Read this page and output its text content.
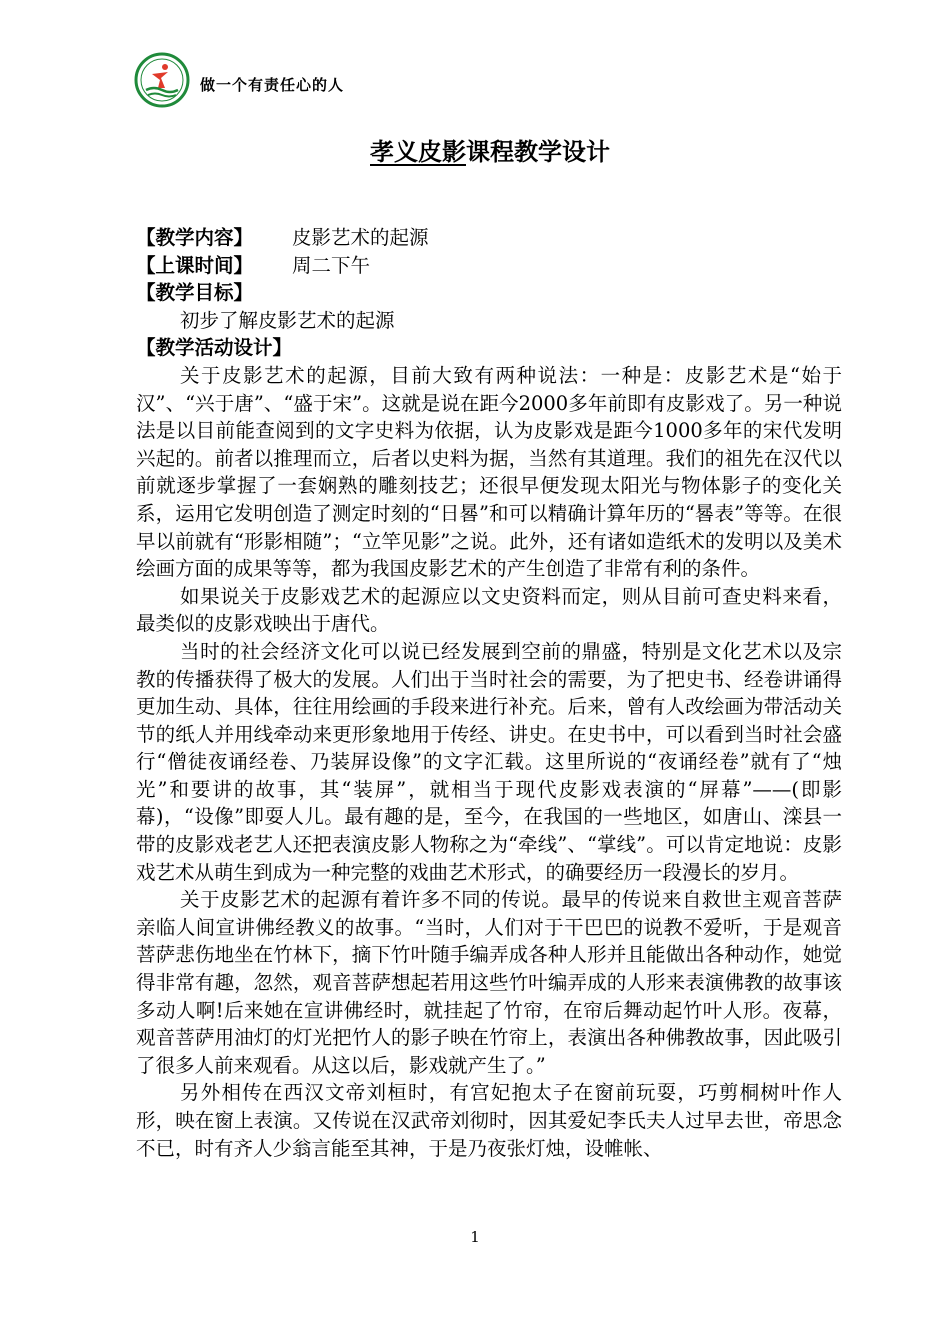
做一个有责任心的人
孝义皮影课程教学设计
【教学内容】 皮影艺术的起源
【上课时间】 周二下午
【教学目标】
初步了解皮影艺术的起源
【教学活动设计】

关于皮影艺术的起源，目前大致有两种说法：一种是：皮影艺术是“始于汉”、“兴于唐”、“盛于宋”。这就是说在距今2000多年前即有皮影戏了。另一种说法是以目前能查阅到的文字史料为依据，认为皮影戏是距今1000多年的宋代发明兴起的。前者以推理而立，后者以史料为据，当然有其道理。我们的祖先在汉代以前就逐步掌握了一套娴熟的雕刻技艺；还很早便发现太阳光与物体影子的变化关系，运用它发明创造了测定时刻的“日晷”和可以精确计算年历的“晷表”等等。在很早以前就有“形影相随”；“立竿见影”之说。此外，还有诸如造纸术的发明以及美术绘画方面的成果等等，都为我国皮影艺术的产生创造了非常有利的条件。

如果说关于皮影戏艺术的起源应以文史资料而定，则从目前可查史料来看，最类似的皮影戏映出于唐代。

当时的社会经济文化可以说已经发展到空前的鼎盛，特别是文化艺术以及宗教的传播获得了极大的发展。人们出于当时社会的需要，为了把史书、经卷讲诵得更加生动、具体，往往用绘画的手段来进行补充。后来，曾有人改绘画为带活动关节的纸人并用线牵动来更形象地用于传经、讲史。在史书中，可以看到当时社会盛行“僧徒夜诵经卷、乃装屏设像”的文字汇载。这里所说的“夜诵经卷”就有了“烛光”和要讲的故事，其“装屏”，就相当于现代皮影戏表演的“屏幕”——(即影幕)，“设像”即耍人儿。最有趣的是，至今，在我国的一些地区，如唐山、滦县一带的皮影戏老艺人还把表演皮影人物称之为“牵线”、“掌线”。可以肯定地说：皮影戏艺术从萌生到成为一种完整的戏曲艺术形式，的确要经历一段漫长的岁月。

关于皮影艺术的起源有着许多不同的传说。最早的传说来自救世主观音菩萨亲临人间宣讲佛经教义的故事。“当时，人们对于干巴巴的说教不爱听，于是观音菩萨悲伤地坐在竹林下，摘下竹叶随手编弄成各种人形并且能做出各种动作，她觉得非常有趣，忽然，观音菩萨想起若用这些竹叶编弄成的人形来表演佛教的故事该多动人啊!后来她在宣讲佛经时，就挂起了竹帘，在帘后舞动起竹叶人形。夜幕，观音菩萨用油灯的灯光把竹人的影子映在竹帘上，表演出各种佛教故事，因此吸引了很多人前来观看。从这以后，影戏就产生了。”

另外相传在西汉文帝刘桓时，有宫妃抱太子在窗前玩耍，巧剪桐树叶作人形，映在窗上表演。又传说在汉武帝刘彻时，因其爱妃李氏夫人过早去世，帝思念不已，时有齐人少翁言能至其神，于是乃夜张灯烛，设帷帐、

1
